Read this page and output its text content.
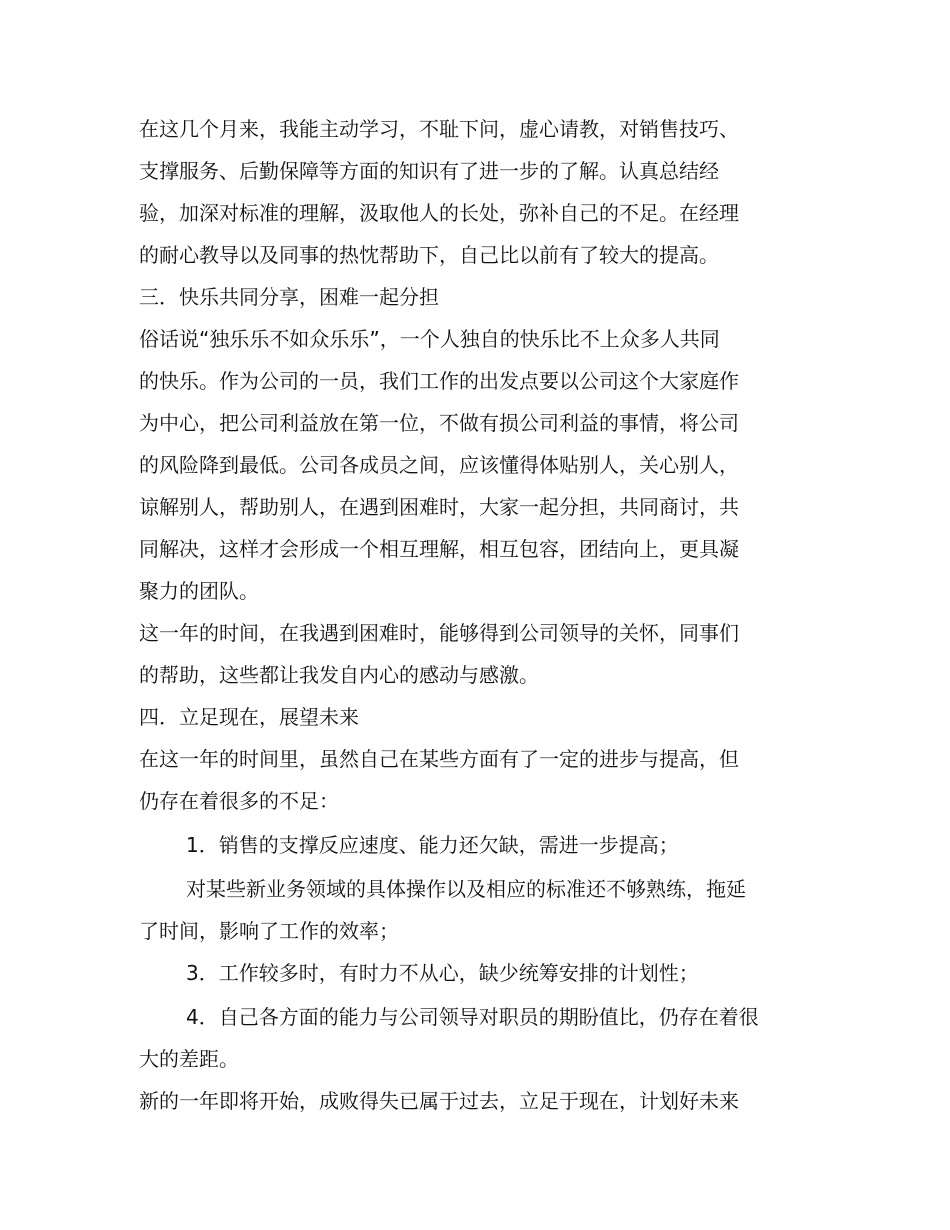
在这几个月来，我能主动学习，不耻下问，虚心请教，对销售技巧、
支撑服务、后勤保障等方面的知识有了进一步的了解。认真总结经
验，加深对标准的理解，汲取他人的长处，弥补自己的不足。在经理
的耐心教导以及同事的热忱帮助下，自己比以前有了较大的提高。
三．快乐共同分享，困难一起分担
俗话说“独乐乐不如众乐乐”，一个人独自的快乐比不上众多人共同
的快乐。作为公司的一员，我们工作的出发点要以公司这个大家庭作
为中心，把公司利益放在第一位，不做有损公司利益的事情，将公司
的风险降到最低。公司各成员之间，应该懂得体贴别人，关心别人，
谅解别人，帮助别人，在遇到困难时，大家一起分担，共同商讨，共
同解决，这样才会形成一个相互理解，相互包容，团结向上，更具凝
聚力的团队。
这一年的时间，在我遇到困难时，能够得到公司领导的关怀，同事们
的帮助，这些都让我发自内心的感动与感激。
四．立足现在，展望未来
在这一年的时间里，虽然自己在某些方面有了一定的进步与提高，但
仍存在着很多的不足：
1．销售的支撑反应速度、能力还欠缺，需进一步提高；
对某些新业务领域的具体操作以及相应的标准还不够熟练，拖延
了时间，影响了工作的效率；
3．工作较多时，有时力不从心，缺少统筹安排的计划性；
4．自己各方面的能力与公司领导对职员的期盼值比，仍存在着很
大的差距。
新的一年即将开始，成败得失已属于过去，立足于现在，计划好未来
